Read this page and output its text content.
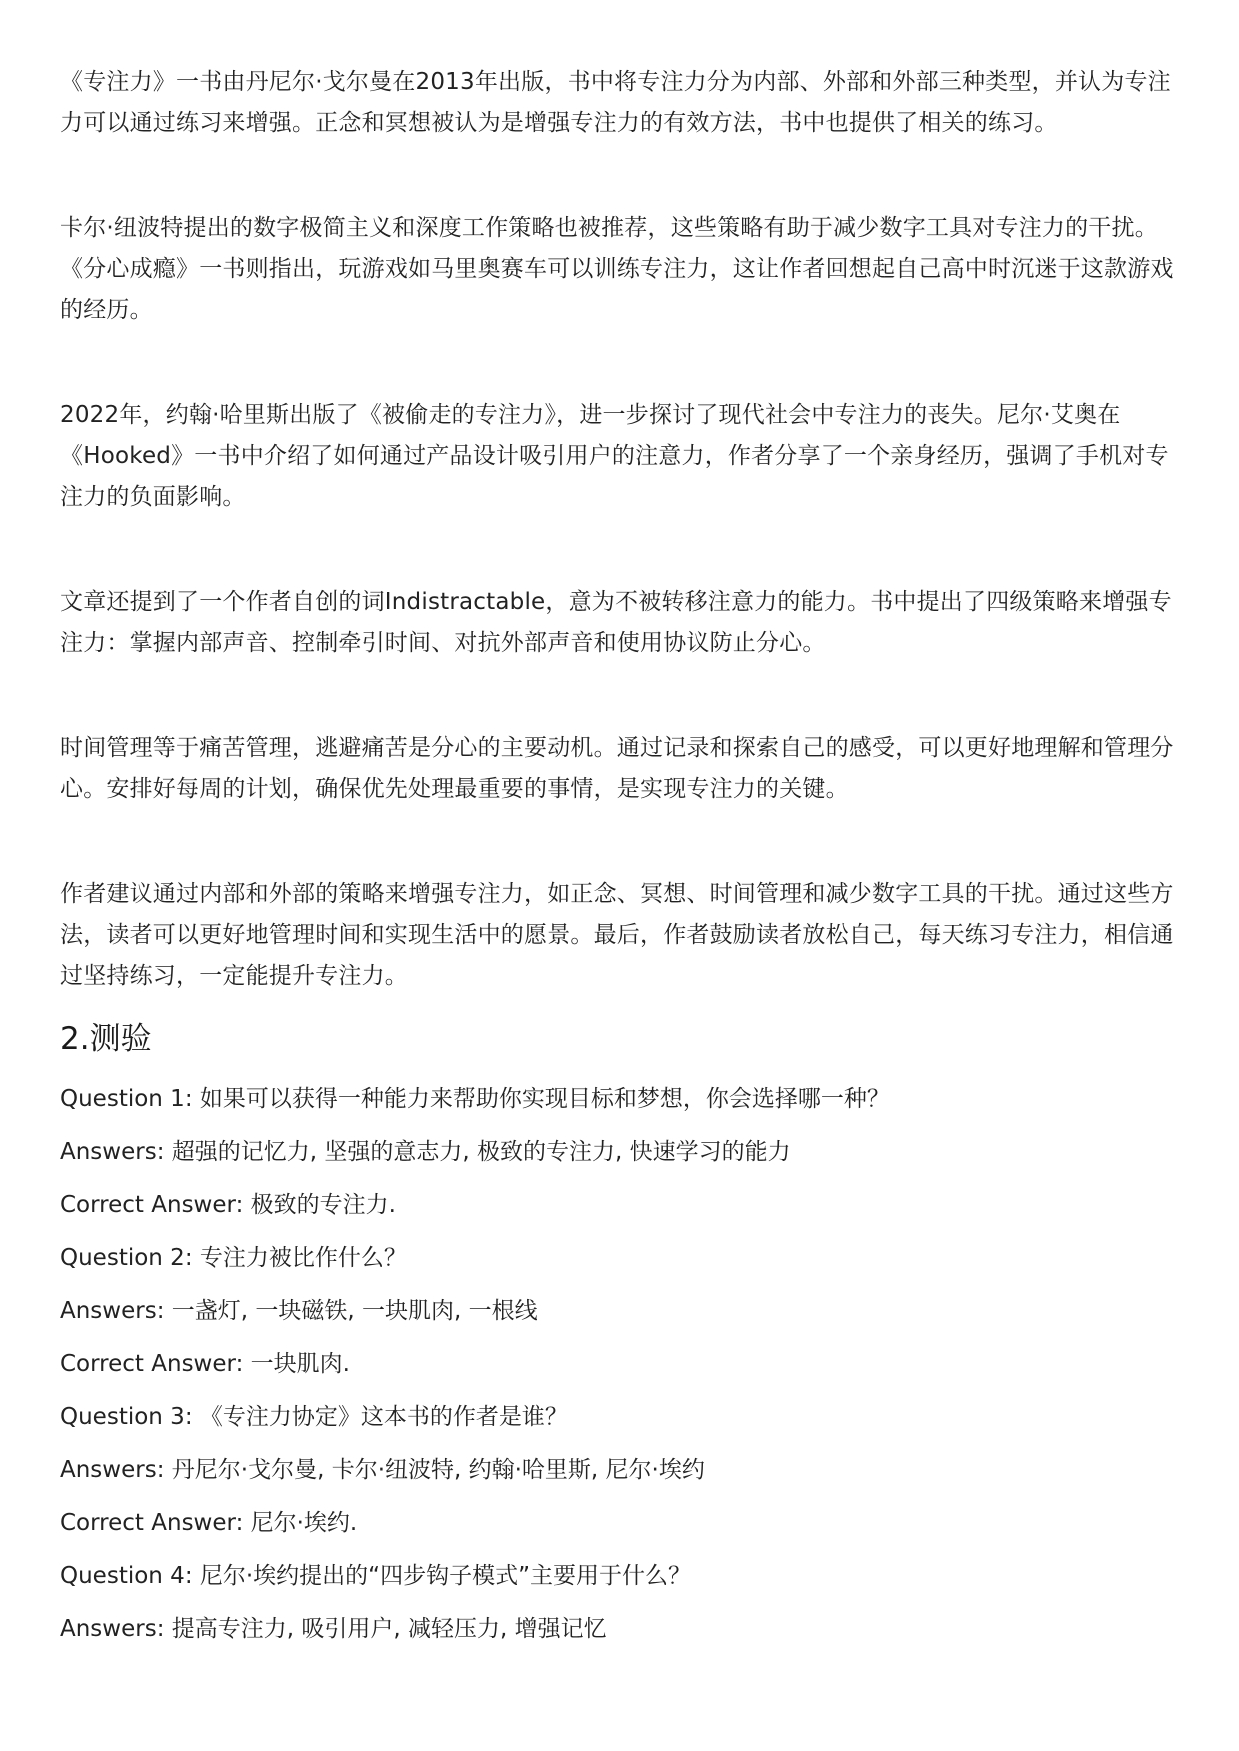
《专注力》一书由丹尼尔·戈尔曼在2013年出版，书中将专注力分为内部、外部和外部三种类型，并认为专注力可以通过练习来增强。正念和冥想被认为是增强专注力的有效方法，书中也提供了相关的练习。

卡尔·纽波特提出的数字极简主义和深度工作策略也被推荐，这些策略有助于减少数字工具对专注力的干扰。《分心成瘾》一书则指出，玩游戏如马里奥赛车可以训练专注力，这让作者回想起自己高中时沉迷于这款游戏的经历。

2022年，约翰·哈里斯出版了《被偷走的专注力》，进一步探讨了现代社会中专注力的丧失。尼尔·艾奥在《Hooked》一书中介绍了如何通过产品设计吸引用户的注意力，作者分享了一个亲身经历，强调了手机对专注力的负面影响。

文章还提到了一个作者自创的词Indistractable，意为不被转移注意力的能力。书中提出了四级策略来增强专注力：掌握内部声音、控制牵引时间、对抗外部声音和使用协议防止分心。

时间管理等于痛苦管理，逃避痛苦是分心的主要动机。通过记录和探索自己的感受，可以更好地理解和管理分心。安排好每周的计划，确保优先处理最重要的事情，是实现专注力的关键。

作者建议通过内部和外部的策略来增强专注力，如正念、冥想、时间管理和减少数字工具的干扰。通过这些方法，读者可以更好地管理时间和实现生活中的愿景。最后，作者鼓励读者放松自己，每天练习专注力，相信通过坚持练习，一定能提升专注力。

2.测验

Question 1: 如果可以获得一种能力来帮助你实现目标和梦想，你会选择哪一种？

Answers: 超强的记忆力, 坚强的意志力, 极致的专注力, 快速学习的能力

Correct Answer: 极致的专注力.

Question 2: 专注力被比作什么？

Answers: 一盏灯, 一块磁铁, 一块肌肉, 一根线

Correct Answer: 一块肌肉.

Question 3: 《专注力协定》这本书的作者是谁？

Answers: 丹尼尔·戈尔曼, 卡尔·纽波特, 约翰·哈里斯, 尼尔·埃约

Correct Answer: 尼尔·埃约.

Question 4: 尼尔·埃约提出的“四步钩子模式”主要用于什么？

Answers: 提高专注力, 吸引用户, 减轻压力, 增强记忆
